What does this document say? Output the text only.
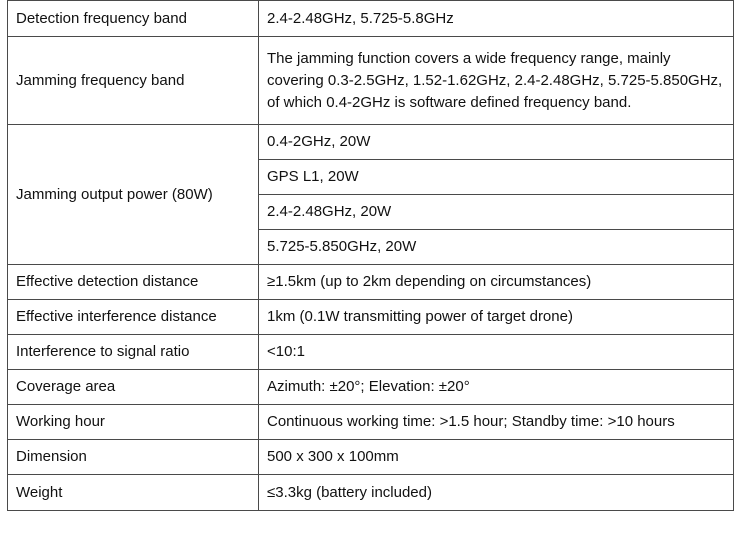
Detection frequency band	2.4-2.48GHz, 5.725-5.8GHz
Jamming frequency band	The jamming function covers a wide frequency range, mainly covering 0.3-2.5GHz, 1.52-1.62GHz, 2.4-2.48GHz, 5.725-5.850GHz, of which 0.4-2GHz is software defined frequency band.
Jamming output power (80W)	0.4-2GHz, 20W
	GPS L1, 20W
	2.4-2.48GHz, 20W
	5.725-5.850GHz, 20W
Effective detection distance	≥1.5km (up to 2km depending on circumstances)
Effective interference distance	1km (0.1W transmitting power of target drone)
Interference to signal ratio	<10:1
Coverage area	Azimuth: ±20°; Elevation: ±20°
Working hour	Continuous working time: >1.5 hour; Standby time: >10 hours
Dimension	500 x 300 x 100mm
Weight	≤3.3kg (battery included)
